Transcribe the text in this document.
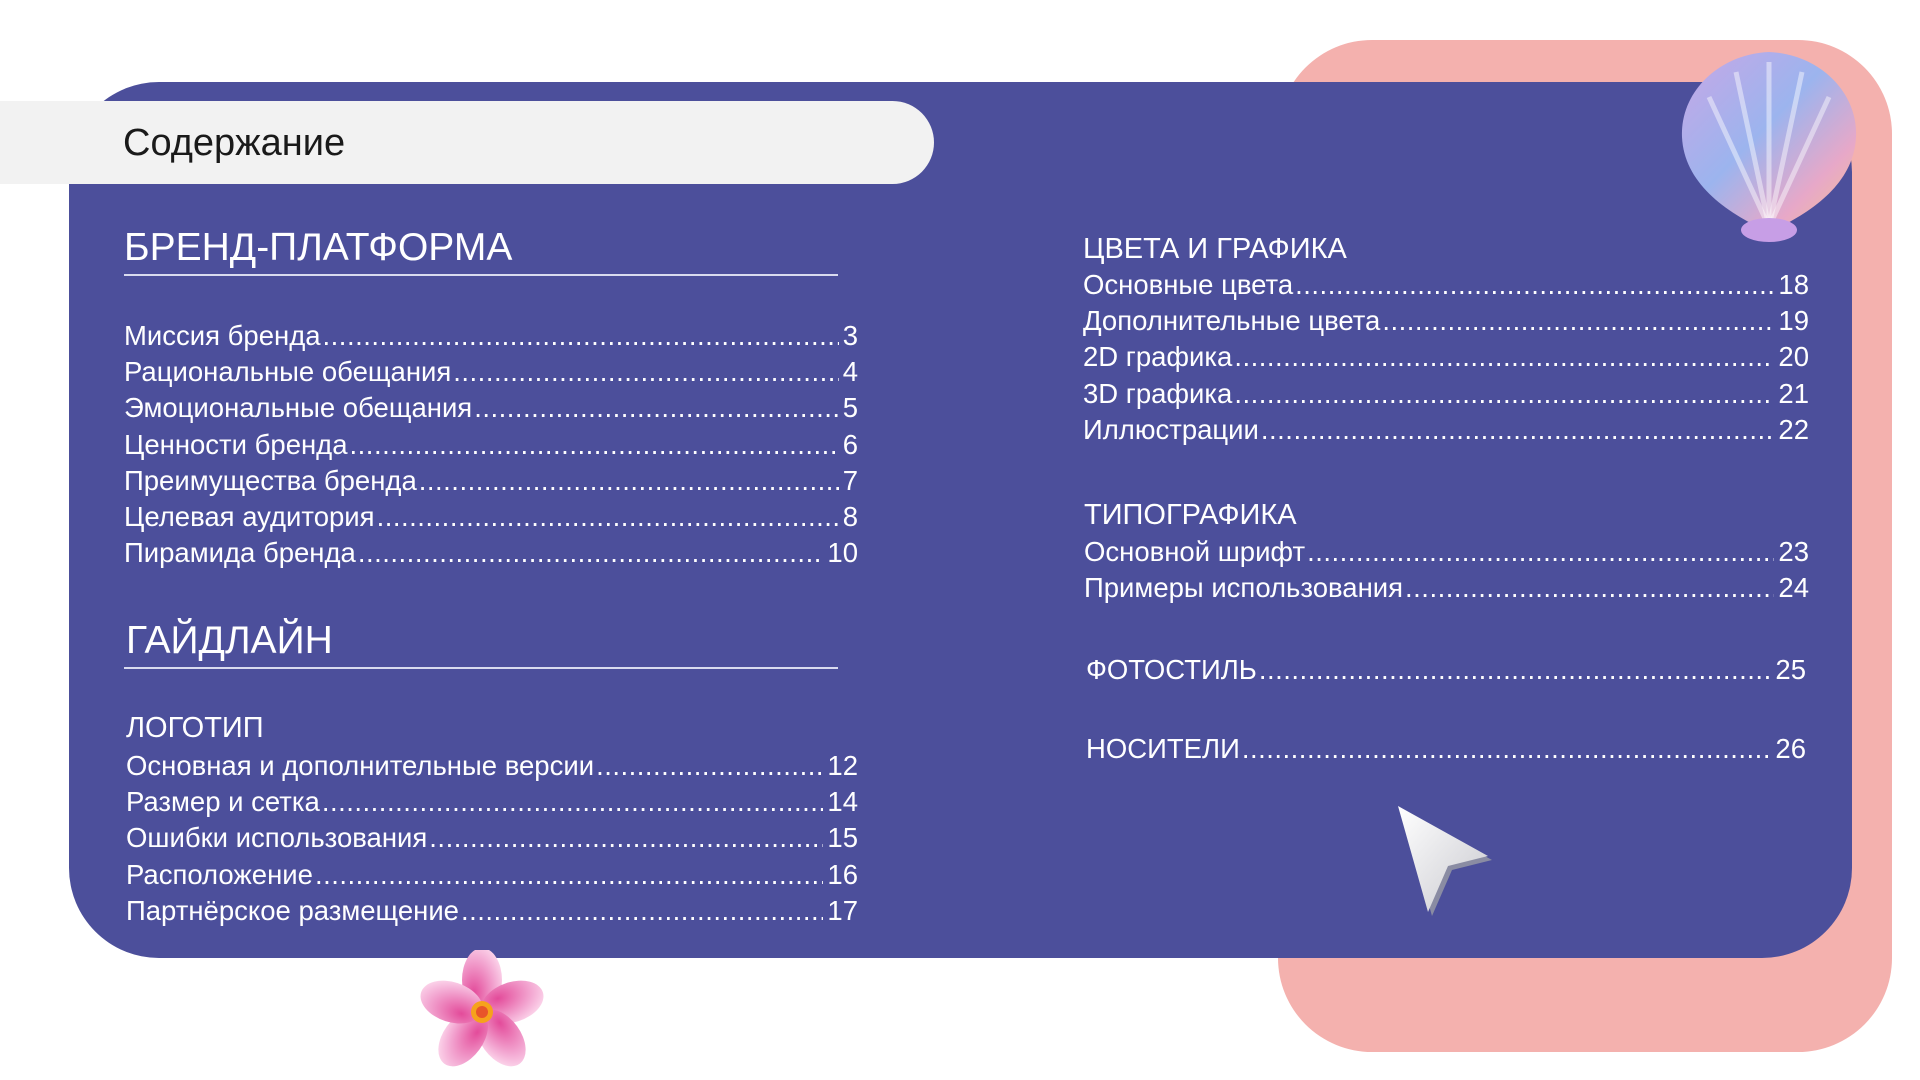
Содержание
БРЕНД-ПЛАТФОРМА
Миссия бренда .....	3
Рациональные обещания .....	4
Эмоциональные обещания .....	5
Ценности бренда .....	6
Преимущества бренда .....	7
Целевая аудитория .....	8
Пирамида бренда .....	10
ГАЙДЛАЙН
ЛОГОТИП
Основная и дополнительные версии .....	12
Размер и сетка .....	14
Ошибки использования .....	15
Расположение .....	16
Партнёрское размещение .....	17
ЦВЕТА И ГРАФИКА
Основные цвета .....	18
Дополнительные цвета .....	19
2D графика .....	20
3D графика .....	21
Иллюстрации .....	22
ТИПОГРАФИКА
Основной шрифт .....	23
Примеры использования .....	24
ФОТОСТИЛЬ .....	25
НОСИТЕЛИ .....	26
